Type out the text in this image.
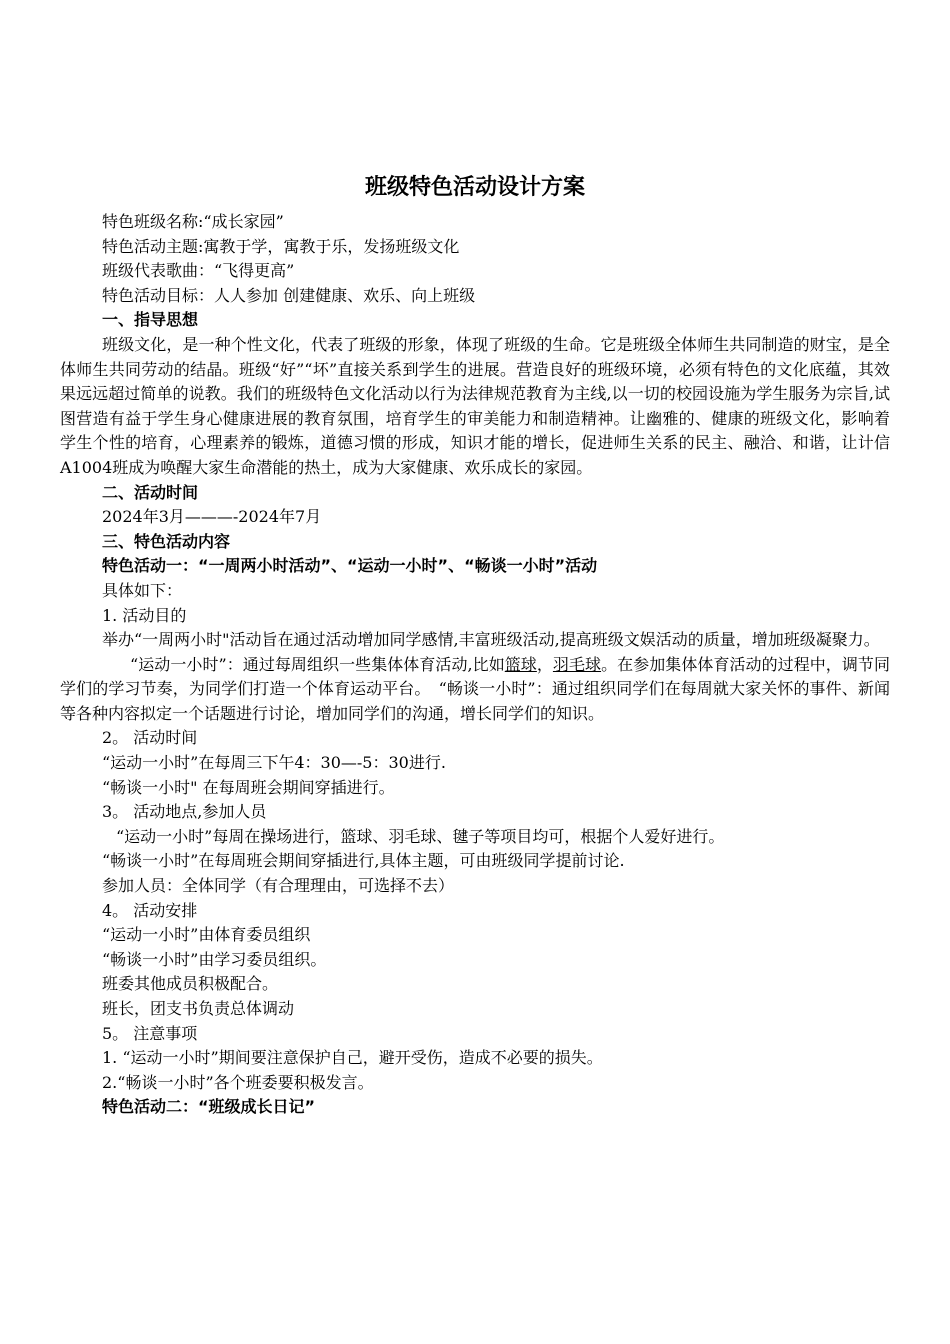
班级特色活动设计方案
特色班级名称:“成长家园”
特色活动主题:寓教于学，寓教于乐，发扬班级文化
班级代表歌曲：“飞得更高”
特色活动目标：人人参加 创建健康、欢乐、向上班级
一、指导思想
班级文化，是一种个性文化，代表了班级的形象，体现了班级的生命。它是班级全体师生共同制造的财宝，是全体师生共同劳动的结晶。班级“好”“坏”直接关系到学生的进展。营造良好的班级环境，必须有特色的文化底蕴，其效果远远超过简单的说教。我们的班级特色文化活动以行为法律规范教育为主线,以一切的校园设施为学生服务为宗旨,试图营造有益于学生身心健康进展的教育氛围，培育学生的审美能力和制造精神。让幽雅的、健康的班级文化，影响着学生个性的培育，心理素养的锻炼，道德习惯的形成，知识才能的增长，促进师生关系的民主、融洽、和谐，让计信A1004班成为唤醒大家生命潜能的热土，成为大家健康、欢乐成长的家园。
二、活动时间
2024年3月———-2024年7月
三、特色活动内容
特色活动一：“一周两小时活动”、“运动一小时”、“畅谈一小时”活动
具体如下：
1. 活动目的
举办“一周两小时"活动旨在通过活动增加同学感情,丰富班级活动,提高班级文娱活动的质量，增加班级凝聚力。
“运动一小时”：通过每周组织一些集体体育活动,比如篮球，羽毛球。在参加集体体育活动的过程中，调节同学们的学习节奏，为同学们打造一个体育运动平台。　“畅谈一小时”：通过组织同学们在每周就大家关怀的事件、新闻等各种内容拟定一个话题进行讨论，增加同学们的沟通，增长同学们的知识。
2。 活动时间
“运动一小时”在每周三下午4：30—-5：30进行.
“畅谈一小时" 在每周班会期间穿插进行。
3。 活动地点,参加人员
“运动一小时”每周在操场进行，篮球、羽毛球、毽子等项目均可，根据个人爱好进行。
“畅谈一小时”在每周班会期间穿插进行,具体主题，可由班级同学提前讨论.
参加人员：全体同学（有合理理由，可选择不去）
4。 活动安排
“运动一小时”由体育委员组织
“畅谈一小时”由学习委员组织。
班委其他成员积极配合。
班长，团支书负责总体调动
5。 注意事项
1. “运动一小时”期间要注意保护自己，避开受伤，造成不必要的损失。
2.“畅谈一小时”各个班委要积极发言。
特色活动二：“班级成长日记”
